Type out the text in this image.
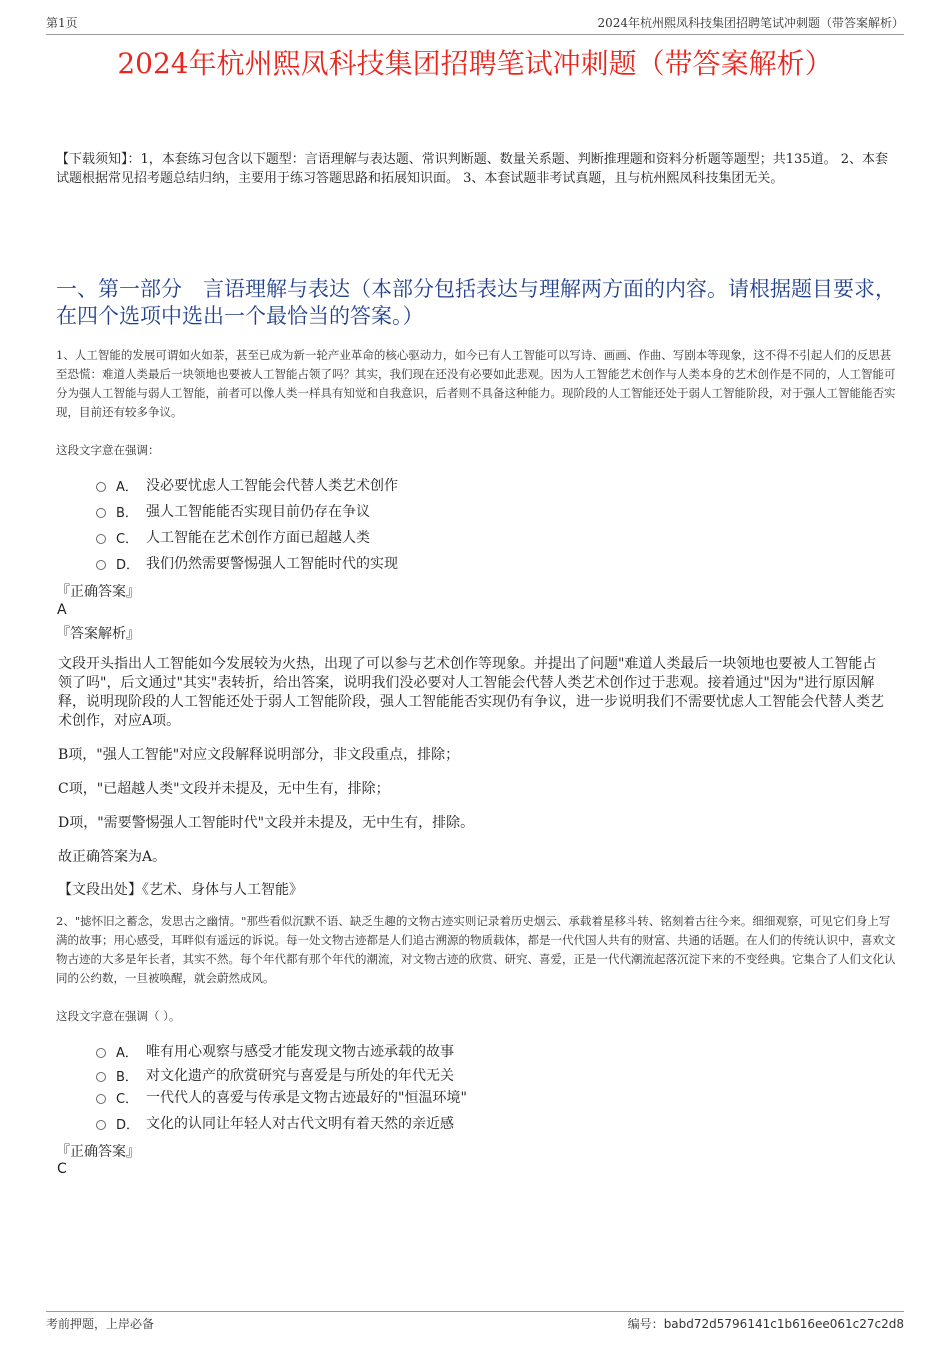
第1页	2024年杭州熙凤科技集团招聘笔试冲刺题（带答案解析）
2024年杭州熙凤科技集团招聘笔试冲刺题（带答案解析）
【下载须知】：1，本套练习包含以下题型：言语理解与表达题、常识判断题、数量关系题、判断推理题和资料分析题等题型；共135道。 2、本套试题根据常见招考题总结归纳，主要用于练习答题思路和拓展知识面。 3、本套试题非考试真题，且与杭州熙凤科技集团无关。
一、第一部分　言语理解与表达（本部分包括表达与理解两方面的内容。请根据题目要求，在四个选项中选出一个最恰当的答案。）
1、人工智能的发展可谓如火如荼，甚至已成为新一轮产业革命的核心驱动力，如今已有人工智能可以写诗、画画、作曲、写剧本等现象，这不得不引起人们的反思甚至恐慌：难道人类最后一块领地也要被人工智能占领了吗？其实，我们现在还没有必要如此悲观。因为人工智能艺术创作与人类本身的艺术创作是不同的，人工智能可分为强人工智能与弱人工智能，前者可以像人类一样具有知觉和自我意识，后者则不具备这种能力。现阶段的人工智能还处于弱人工智能阶段，对于强人工智能能否实现，目前还有较多争议。
这段文字意在强调：
A． 没必要忧虑人工智能会代替人类艺术创作
B． 强人工智能能否实现目前仍存在争议
C． 人工智能在艺术创作方面已超越人类
D． 我们仍然需要警惕强人工智能时代的实现
『正确答案』
A
『答案解析』
文段开头指出人工智能如今发展较为火热，出现了可以参与艺术创作等现象。并提出了问题"难道人类最后一块领地也要被人工智能占领了吗"，后文通过"其实"表转折，给出答案，说明我们没必要对人工智能会代替人类艺术创作过于悲观。接着通过"因为"进行原因解释，说明现阶段的人工智能还处于弱人工智能阶段，强人工智能能否实现仍有争议，进一步说明我们不需要忧虑人工智能会代替人类艺术创作，对应A项。
B项，"强人工智能"对应文段解释说明部分，非文段重点，排除；
C项，"已超越人类"文段并未提及，无中生有，排除；
D项，"需要警惕强人工智能时代"文段并未提及，无中生有，排除。
故正确答案为A。
【文段出处】《艺术、身体与人工智能》
2、"摅怀旧之蓄念，发思古之幽情。"那些看似沉默不语、缺乏生趣的文物古迹实则记录着历史烟云、承载着星移斗转、铭刻着古往今来。细细观察，可见它们身上写满的故事；用心感受，耳畔似有遥远的诉说。每一处文物古迹都是人们追古溯源的物质载体，都是一代代国人共有的财富、共通的话题。在人们的传统认识中，喜欢文物古迹的大多是年长者，其实不然。每个年代都有那个年代的潮流，对文物古迹的欣赏、研究、喜爱，正是一代代潮流起落沉淀下来的不变经典。它集合了人们文化认同的公约数，一旦被唤醒，就会蔚然成风。
这段文字意在强调（ ）。
A． 唯有用心观察与感受才能发现文物古迹承载的故事
B． 对文化遗产的欣赏研究与喜爱是与所处的年代无关
C． 一代代人的喜爱与传承是文物古迹最好的"恒温环境"
D． 文化的认同让年轻人对古代文明有着天然的亲近感
『正确答案』
C
考前押题，上岸必备	编号：babd72d5796141c1b616ee061c27c2d8
